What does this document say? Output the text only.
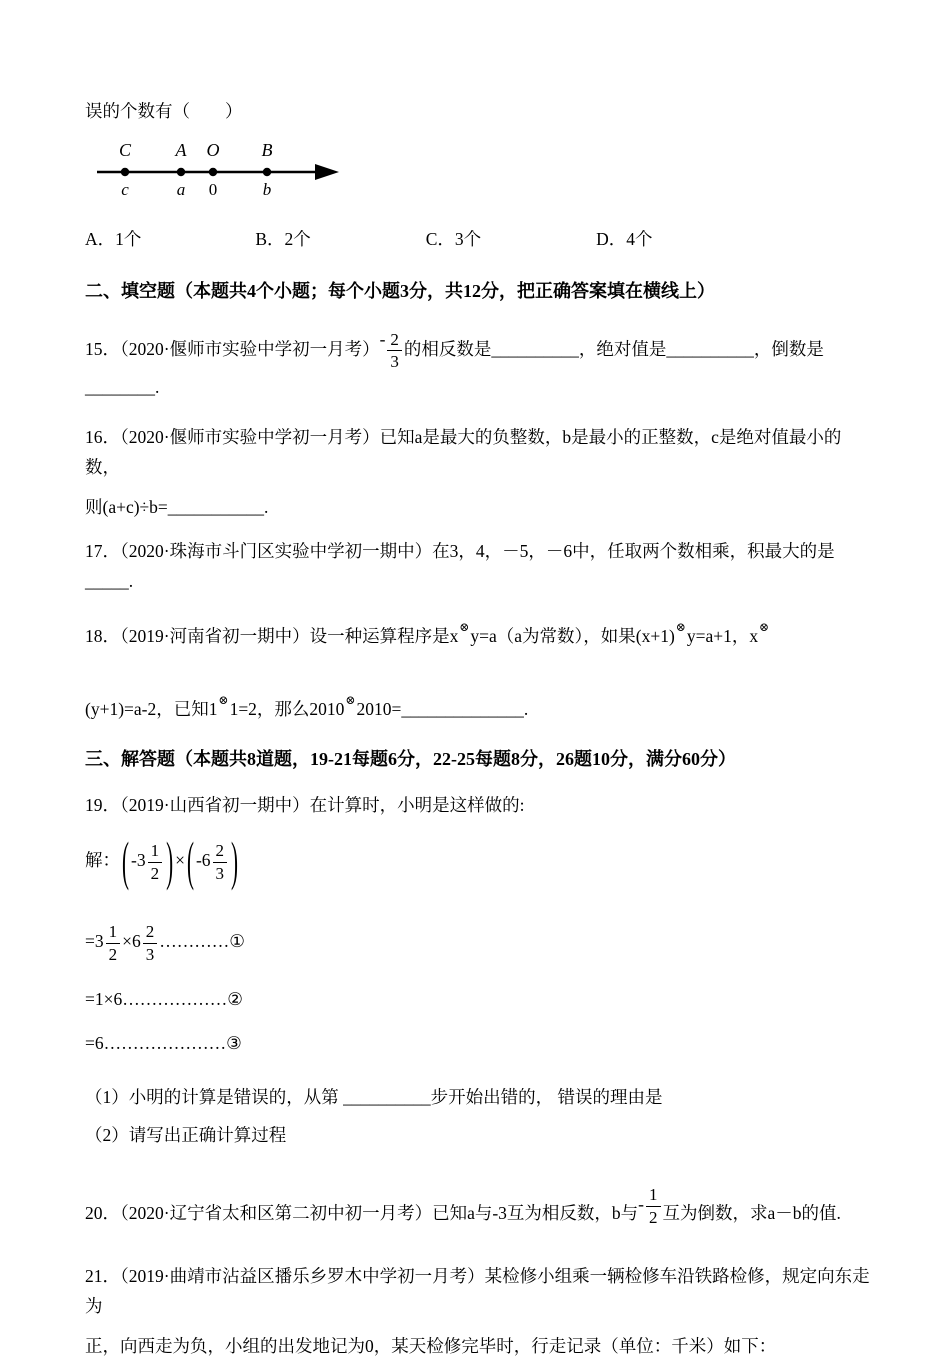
误的个数有（　　）
C A O B
c	a 0	b
A．1个	B．2个	C．3个	D．4个
二、填空题（本题共4个小题；每个小题3分，共12分，把正确答案填在横线上）
15．（2020·偃师市实验中学初一月考）- $\frac{2}{3}$ 的相反数是__________，绝对值是__________，倒数是________.
16．（2020·偃师市实验中学初一月考）已知a是最大的负整数，b是最小的正整数，c是绝对值最小的数，
则(a+c)÷b=___________.
17．（2020·珠海市斗门区实验中学初一期中）在3，4，－5，－6中，任取两个数相乘，积最大的是_____.
18．（2019·河南省初一期中）设一种运算程序是x⊗y=a（a为常数），如果(x+1)⊗y=a+1，x⊗
(y+1)=a-2，已知1⊗1=2，那么2010⊗2010=______________.
三、解答题（本题共8道题，19-21每题6分，22-25每题8分，26题10分，满分60分）
19．（2019·山西省初一期中）在计算时，小明是这样做的:
解：( $-3 \frac{1}{2}$ ) ×( $-6 \frac{2}{3}$ )
$=3 \frac{1}{2} \times 6 \frac{2}{3}$ …………①
=1×6………………②
=6…………………③
（1）小明的计算是错误的，从第 __________步开始出错的， 错误的理由是
（2）请写出正确计算过程
20．（2020·辽宁省太和区第二初中初一月考）已知a与-3互为相反数，b与- $\frac{1}{2}$ 互为倒数，求a－b的值.
21．（2019·曲靖市沾益区播乐乡罗木中学初一月考）某检修小组乘一辆检修车沿铁路检修，规定向东走为
正，向西走为负，小组的出发地记为0，某天检修完毕时，行走记录（单位：千米）如下：
